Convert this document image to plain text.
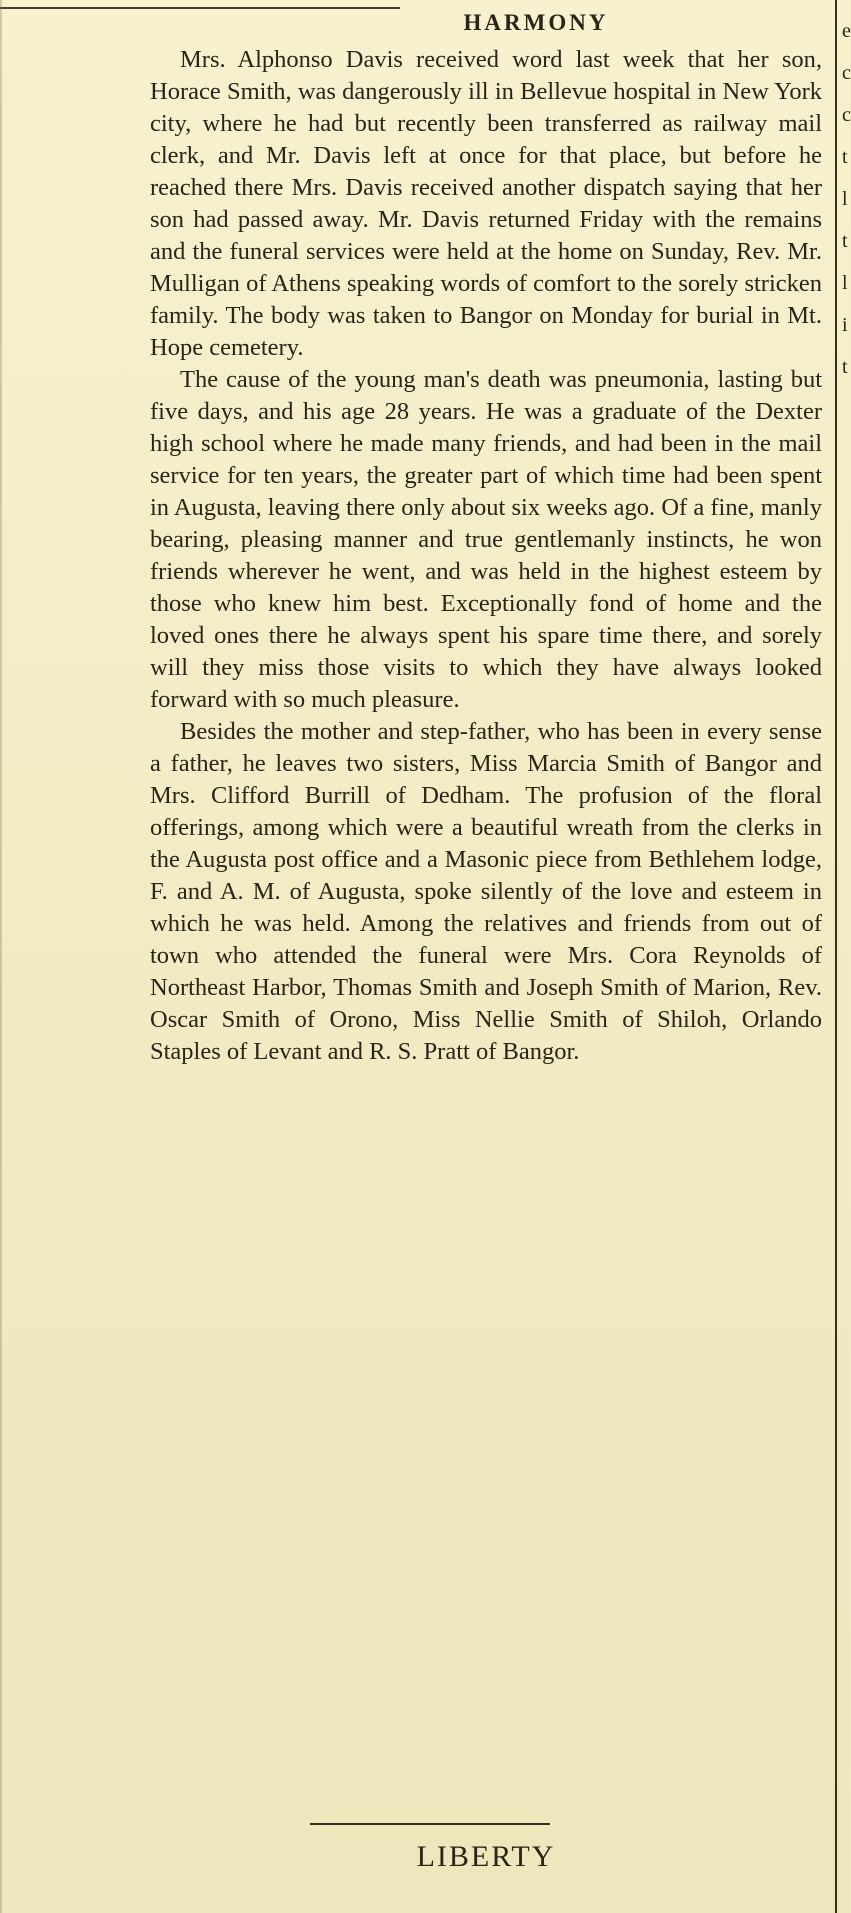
HARMONY

Mrs. Alphonso Davis received word last week that her son, Horace Smith, was dangerously ill in Bellevue hospital in New York city, where he had but recently been transferred as railway mail clerk, and Mr. Davis left at once for that place, but before he reached there Mrs. Davis received another dispatch saying that her son had passed away. Mr. Davis returned Friday with the remains and the funeral services were held at the home on Sunday, Rev. Mr. Mulligan of Athens speaking words of comfort to the sorely stricken family. The body was taken to Bangor on Monday for burial in Mt. Hope cemetery.

The cause of the young man's death was pneumonia, lasting but five days, and his age 28 years. He was a graduate of the Dexter high school where he made many friends, and had been in the mail service for ten years, the greater part of which time had been spent in Augusta, leaving there only about six weeks ago. Of a fine, manly bearing, pleasing manner and true gentlemanly instincts, he won friends wherever he went, and was held in the highest esteem by those who knew him best. Exceptionally fond of home and the loved ones there he always spent his spare time there, and sorely will they miss those visits to which they have always looked forward with so much pleasure.

Besides the mother and step-father, who has been in every sense a father, he leaves two sisters, Miss Marcia Smith of Bangor and Mrs. Clifford Burrill of Dedham. The profusion of the floral offerings, among which were a beautiful wreath from the clerks in the Augusta post office and a Masonic piece from Bethlehem lodge, F. and A. M. of Augusta, spoke silently of the love and esteem in which he was held. Among the relatives and friends from out of town who attended the funeral were Mrs. Cora Reynolds of Northeast Harbor, Thomas Smith and Joseph Smith of Marion, Rev. Oscar Smith of Orono, Miss Nellie Smith of Shiloh, Orlando Staples of Levant and R. S. Pratt of Bangor.

LIBERTY
e
c
c
t
l
t
l
i
t
